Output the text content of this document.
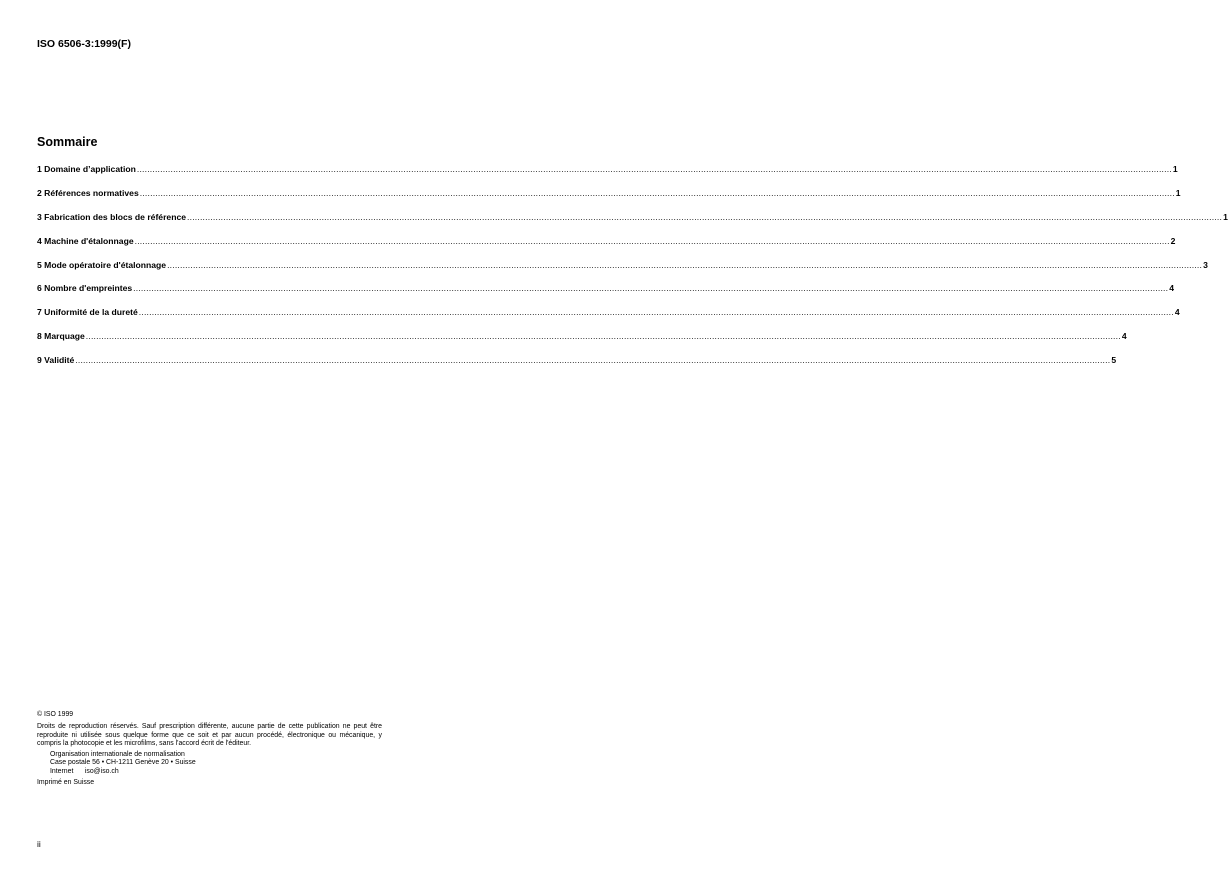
ISO 6506-3:1999(F)
Sommaire
1 Domaine d’application ................................................................................................................................................................................................................................................................................................................................................................................................................ 1
2 Références normatives ................................................................................................................................................................................................................................................................................................................................................................................................................ 1
3 Fabrication des blocs de référence ................................................................................................................................................................................................................................................................................................................................................................................................................ 1
4 Machine d'étalonnage ................................................................................................................................................................................................................................................................................................................................................................................................................ 2
5 Mode opératoire d'étalonnage ................................................................................................................................................................................................................................................................................................................................................................................................................ 3
6 Nombre d'empreintes ................................................................................................................................................................................................................................................................................................................................................................................................................ 4
7 Uniformité de la dureté ................................................................................................................................................................................................................................................................................................................................................................................................................ 4
8 Marquage ................................................................................................................................................................................................................................................................................................................................................................................................................ 4
9 Validité ................................................................................................................................................................................................................................................................................................................................................................................................................ 5

© ISO 1999

Droits de reproduction réservés. Sauf prescription différente, aucune partie de cette publication ne peut être reproduite ni utilisée sous quelque forme que ce soit et par aucun procédé, électronique ou mécanique, y compris la photocopie et les microfilms, sans l'accord écrit de l'éditeur.

Organisation internationale de normalisation

Case postale 56 • CH-1211 Genève 20 • Suisse

Internet      iso@iso.ch

Imprimé en Suisse

ii
